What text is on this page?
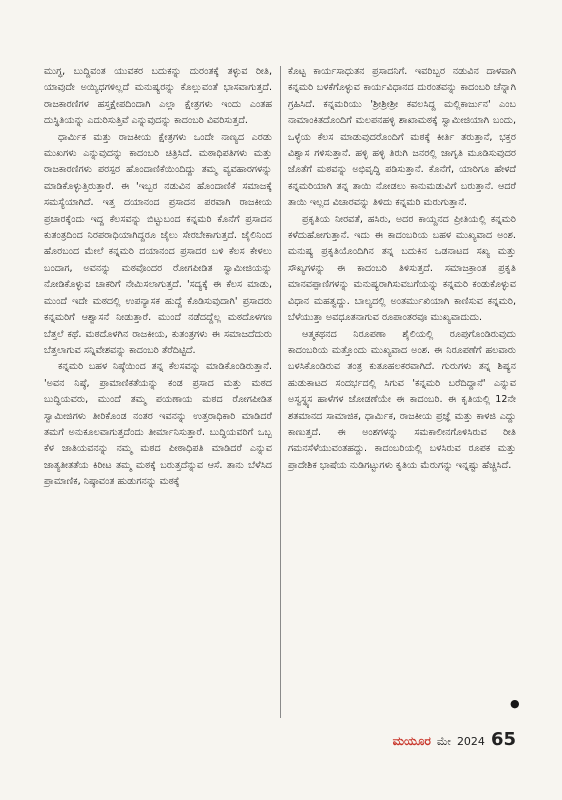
ಮುಗ್ಧ, ಬುದ್ದಿವಂತ ಯುವಕರ ಬದುಕನ್ನು ದುರಂತಕ್ಕೆ ತಳ್ಳುವ ರೀತಿ, ಯಾವುದೇ ಅಯ್ಯಿಧಗಳಿಲ್ಲದೆ ಮನುಷ್ಯರನ್ನು ಕೊಲ್ಲುವಂತೆ ಭಾಸವಾಗುತ್ತದೆ. ರಾಜಕಾರಣಿಗಳ ಹಸ್ತಕ್ಷೇಪದಿಂದಾಗಿ ಎಲ್ಲಾ ಕ್ಷೇತ್ರಗಳು ಇಂದು ಎಂತಹ ದುಸ್ಥಿತಿಯನ್ನು ಎದುರಿಸುತ್ತಿವೆ ಎನ್ನುವುದನ್ನು ಕಾದಂಬರಿ ವಿವರಿಸುತ್ತದೆ.

ಧಾರ್ಮಿಕ ಮತ್ತು ರಾಜಕೀಯ ಕ್ಷೇತ್ರಗಳು ಒಂದೇ ನಾಣ್ಯದ ಎರಡು ಮುಖಗಳು ಎನ್ನುವುದನ್ನು ಕಾದಂಬರಿ ಚಿತ್ರಿಸಿದೆ. ಮಠಾಧಿಪತಿಗಳು ಮತ್ತು ರಾಜಕಾರಣಿಗಳು ಪರಸ್ಪರ ಹೊಂದಾಣಿಕೆಯಿಂದಿದ್ದು ತಮ್ಮ ವ್ಯವಹಾರಗಳನ್ನು ಮಾಡಿಕೊಳ್ಳುತ್ತಿರುತ್ತಾರೆ. ಈ 'ಇಬ್ಬರ ನಡುವಿನ ಹೊಂದಾಣಿಕೆ ಸಮಾಜಕ್ಕೆ ಸಮಸ್ಯೆಯಾಗಿದೆ. ಇತ್ತ ದಯಾನಂದ ಪ್ರಸಾದನ ಪರವಾಗಿ ರಾಜಕೀಯ ಪ್ರಚಾರಕ್ಕೆಂದು ಇದ್ದ ಕೆಲಸವನ್ನು ಬಿಟ್ಟುಬಂದ ಕನ್ನಮರಿ ಕೊನೆಗೆ ಪ್ರಸಾದನ ಕುತಂತ್ರದಿಂದ ನಿರಪರಾಧಿಯಾಗಿದ್ದರೂ ಜೈಲು ಸೇರಬೇಕಾಗುತ್ತದೆ. ಜೈಲಿನಿಂದ ಹೊರಬಂದ ಮೇಲೆ ಕನ್ನಮರಿ ದಯಾನಂದ ಪ್ರಸಾದರ ಬಳಿ ಕೆಲಸ ಕೇಳಲು ಬಂದಾಗ, ಅವನನ್ನು ಮಠವೊಂದರ ರೋಗಪೀಡಿತ ಸ್ವಾಮೀಜಿಯನ್ನು ನೋಡಿಕೊಳ್ಳುವ ಚಾಕರಿಗೆ ನೇಮಿಸಲಾಗುತ್ತದೆ. 'ಸದ್ಯಕ್ಕೆ ಈ ಕೆಲಸ ಮಾಡು, ಮುಂದೆ ಇದೇ ಮಠದಲ್ಲಿ ಉಪನ್ಯಾಸಕ ಹುದ್ದೆ ಕೊಡಿಸುವುದಾಗಿ' ಪ್ರಸಾದರು ಕನ್ನಮರಿಗೆ ಆಶ್ವಾಸನೆ ನೀಡುತ್ತಾರೆ. ಮುಂದೆ ನಡೆದದ್ದೆಲ್ಲ ಮಠದೊಳಗಣ ಬೆತ್ತಲೆ ಕಥೆ. ಮಠದೊಳಗಿನ ರಾಜಕೀಯ, ಕುತಂತ್ರಗಳು ಈ ಸಮಾಜದೆದುರು ಬೆತ್ತಲಾಗುವ ಸನ್ನಿವೇಶವನ್ನು ಕಾದಂಬರಿ ತೆರೆದಿಟ್ಟಿದೆ.

ಕನ್ನಮರಿ ಬಹಳ ನಿಷ್ಠೆಯಿಂದ ತನ್ನ ಕೆಲಸವನ್ನು ಮಾಡಿಕೊಂಡಿರುತ್ತಾನೆ. 'ಅವನ ನಿಷ್ಠೆ, ಪ್ರಾಮಾಣಿಕತೆಯನ್ನು ಕಂಡ ಪ್ರಸಾದ ಮತ್ತು ಮಠದ ಬುದ್ಧಿಯವರು, ಮುಂದೆ ತಮ್ಮ ಪಯಣಾಯ ಮಠದ ರೋಗಪೀಡಿತ ಸ್ವಾಮೀಜಿಗಳು ತೀರಿಕೊಂಡ ನಂತರ ಇವನನ್ನು ಉತ್ತರಾಧಿಕಾರಿ ಮಾಡಿದರೆ ತಮಗೆ ಅನುಕೂಲವಾಗುತ್ತದೆಂದು ತೀರ್ಮಾನಿಸುತ್ತಾರೆ. ಬುದ್ಧಿಯವರಿಗೆ ಒಬ್ಬ ಕೆಳ ಜಾತಿಯವನನ್ನು ನಮ್ಮ ಮಠದ ಪೀಠಾಧಿಪತಿ ಮಾಡಿದರೆ ಎನ್ನುವ ಜಾತ್ಯತೀತತೆಯ ಕಿರೀಟ ತಮ್ಮ ಮಠಕ್ಕೆ ಬರುತ್ತದೆನ್ನುವ ಆಸೆ. ತಾನು ಬೆಳೆಸಿದ ಪ್ರಾಮಾಣಿಕ, ನಿಷ್ಠಾವಂತ ಹುಡುಗನನ್ನು ಮಠಕ್ಕೆ

ಕೊಟ್ಟ ಕಾರ್ಯಸಾಧುತನ ಪ್ರಸಾದನಿಗೆ. ಇವರಿಬ್ಬರ ನಡುವಿನ ದಾಳವಾಗಿ ಕನ್ನಮರಿ ಬಳಕೆಗೊಳ್ಳುವ ಕಾರ್ಯವಿಧಾನದ ದುರಂತವನ್ನು ಕಾದಂಬರಿ ಚೆನ್ನಾಗಿ ಗ್ರಹಿಸಿದೆ. ಕನ್ನಮರಿಯು 'ಶ್ರೀಶ್ರೀಶ್ರೀ ಕವಲಸಿದ್ದ ಮಲ್ಲಿಕಾರ್ಜುನ' ಎಂಬ ನಾಮಾಂಕಿತದೊಂದಿಗೆ ಮಲಪನಹಳ್ಳಿ ಶಾಖಾಮಠಕ್ಕೆ ಸ್ವಾಮೀಜಿಯಾಗಿ ಬಂದು, ಒಳ್ಳೆಯ ಕೆಲಸ ಮಾಡುವುದರೊಂದಿಗೆ ಮಠಕ್ಕೆ ಕೀರ್ತಿ ತರುತ್ತಾನೆ, ಭಕ್ತರ ವಿಶ್ವಾಸ ಗಳಿಸುತ್ತಾನೆ. ಹಳ್ಳಿ ಹಳ್ಳಿ ತಿರುಗಿ ಜನರಲ್ಲಿ ಜಾಗೃತಿ ಮೂಡಿಸುವುದರ ಜೊತೆಗೆ ಮಠವನ್ನು ಅಭಿವೃದ್ಧಿ ಪಡಿಸುತ್ತಾನೆ. ಕೊನೆಗೆ, ಯಾರಿಗೂ ಹೇಳದೆ ಕನ್ನಮರಿಯಾಗಿ ತನ್ನ ತಾಯಿ ನೋಡಲು ಕಾನುಮಡುವಿಗೆ ಬರುತ್ತಾನೆ. ಆದರೆ ತಾಯಿ ಇಲ್ಲದ ವಿಚಾರವನ್ನು ತಿಳಿದು ಕನ್ನಮರಿ ಮರುಗುತ್ತಾನೆ.

ಪ್ರಕೃತಿಯ ನೀರವತೆ, ಹಸಿರು, ಅದರ ಕಾಯ್ದನದ ಪ್ರೀತಿಯಲ್ಲಿ ಕನ್ನಮರಿ ಕಳೆದುಹೋಗುತ್ತಾನೆ. ಇದು ಈ ಕಾದಂಬರಿಯ ಬಹಳ ಮುಖ್ಯವಾದ ಅಂಶ. ಮನುಷ್ಯ ಪ್ರಕೃತಿಯೊಂದಿಗಿನ ತನ್ನ ಬದುಕಿನ ಒಡನಾಟದ ಸಖ್ಯ ಮತ್ತು ಸೌಖ್ಯಗಳನ್ನು ಈ ಕಾದಂಬರಿ ತಿಳಿಸುತ್ತದೆ. ಸಮಾಜಕ್ರಾಂತ ಪ್ರಕೃತಿ ಮಾನವಪ್ಪಾಣಿಗಳನ್ನು ಮನುಷ್ಯರಾಗಿಸುವಬಗೆಯನ್ನು ಕನ್ನಮರಿ ಕಂಡುಕೊಳ್ಳುವ ವಿಧಾನ ಮಹತ್ವದ್ದು. ಬಾಲ್ಯದಲ್ಲಿ ಅಂತರ್ಮುಖಿಯಾಗಿ ಕಾಣಿಸುವ ಕನ್ನಮರಿ, ಬೆಳೆಯುತ್ತಾ ಅವಧೂತನಾಗುವ ರೂಪಾಂತರವೂ ಮುಖ್ಯವಾದುದು.

ಆತ್ಮಕಥನದ ನಿರೂಪಣಾ ಶೈಲಿಯಲ್ಲಿ ರೂಪುಗೊಂಡಿರುವುದು ಕಾದಂಬರಿಯ ಮತ್ತೊಂದು ಮುಖ್ಯವಾದ ಅಂಶ. ಈ ನಿರೂಪಣೆಗೆ ಹಲವಾರು ಬಳಸಿಕೊಂಡಿರುವ ತಂತ್ರ ಕುತೂಹಲಕರವಾಗಿದೆ. ಗುರುಗಳು ತನ್ನ ಶಿಷ್ಯನ ಹುಡುಕಾಟದ ಸಂದರ್ಭದಲ್ಲಿ ಸಿಗುವ 'ಕನ್ನಮರಿ ಬರೆದಿದ್ದಾನೆ' ಎನ್ನುವ ಅಸ್ವಸ್ಥ್ಯಸ ಹಾಳೆಗಳ ಜೋಡಣೆಯೇ ಈ ಕಾದಂಬರಿ. ಈ ಕೃತಿಯಲ್ಲಿ 12ನೇ ಶತಮಾನದ ಸಾಮಾಜಿಕ, ಧಾರ್ಮಿಕ, ರಾಜಕೀಯ ಪ್ರಜ್ಞೆ ಮತ್ತು ಕಾಳಜಿ ಎದ್ದು ಕಾಣುತ್ತದೆ. ಈ ಅಂಶಗಳನ್ನು ಸಮಕಾಲೀನಗೊಳಿಸಿರುವ ರೀತಿ ಗಮನಸೆಳೆಯುವಂತಹದ್ದು. ಕಾದಂಬರಿಯಲ್ಲಿ ಬಳಸಿರುವ ರೂಪಕ ಮತ್ತು ಪ್ರಾದೇಶಿಕ ಭಾಷೆಯ ನುಡಿಗಟ್ಟುಗಳು ಕೃತಿಯ ಮೆರುಗನ್ನು ಇನ್ನಷ್ಟು ಹೆಚ್ಚಿಸಿದೆ.

●
ಮಯೂರ ಮೇ 2024 65
